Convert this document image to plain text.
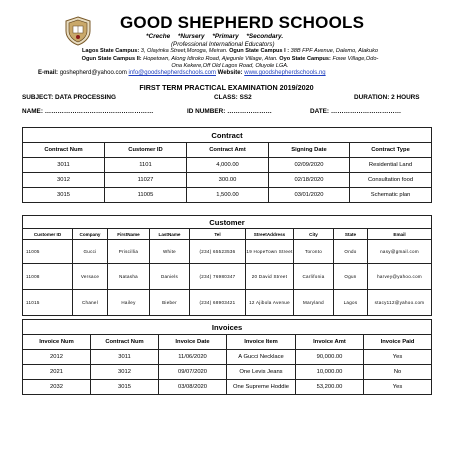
GOOD SHEPHERD SCHOOLS
*Creche *Nursery *Primary *Secondary.
(Professional International Educators)
Lagos State Campus: 3, Olayinka Street,Moroga, Meiran. Ogun State Campus I : 38B FPF Avenue, Dalemo, Alakuko
Ogun State Campus II: Hopetown, Along Idiroko Road, Ajegunle Village, Atan. Oyo State Campus: Fowe Village,Odo-
Ona Kekere,Off Old Lagos Road, Oluyole LGA.
E-mail: goshepherd@yahoo.com info@goodshepherdschools.com Website: www.goodshepherdschools.ng
FIRST TERM PRACTICAL EXAMINATION 2019/2020
SUBJECT: DATA PROCESSING	CLASS: SS2	DURATION: 2 HOURS
NAME: ……………………………………………	ID NUMBER: …………………	DATE: ……………………………
Contract				
Contract Num	Customer ID	Contract Amt	Signing Date	Contract Type
3011	1101	4,000.00	02/09/2020	Residential Land
3012	11027	300.00	02/18/2020	Consultation food
3015	11005	1,500.00	03/01/2020	Schematic plan
Customer								
Customer ID	Company	FirstName	LastName	Tel	StreetAddress	City	State	Email
11005	Gucci	Priscillia	White	(234) 65523536	19 HopeTown Street	Toronto	Ondo	nasy@gmail.com
11008	Versace	Natasha	Daniels	(234) 76980347	20 David Street	Carlifonia	Ogun	harvey@yahoo.com
11015	Chanel	Hailey	Bieber	(234) 68903421	12 Ajibola Avenue	Maryland	Lagos	stacy112@yahoo.com
Invoices					
Invoice Num	Contract Num	Invoice Date	Invoice Item	Invoice Amt	Invoice Paid
2012	3011	11/06/2020	A Gucci Necklace	90,000.00	Yes
2021	3012	09/07/2020	One Levis Jeans	10,000.00	No
2032	3015	03/08/2020	One Supreme Hoddie	53,200.00	Yes
